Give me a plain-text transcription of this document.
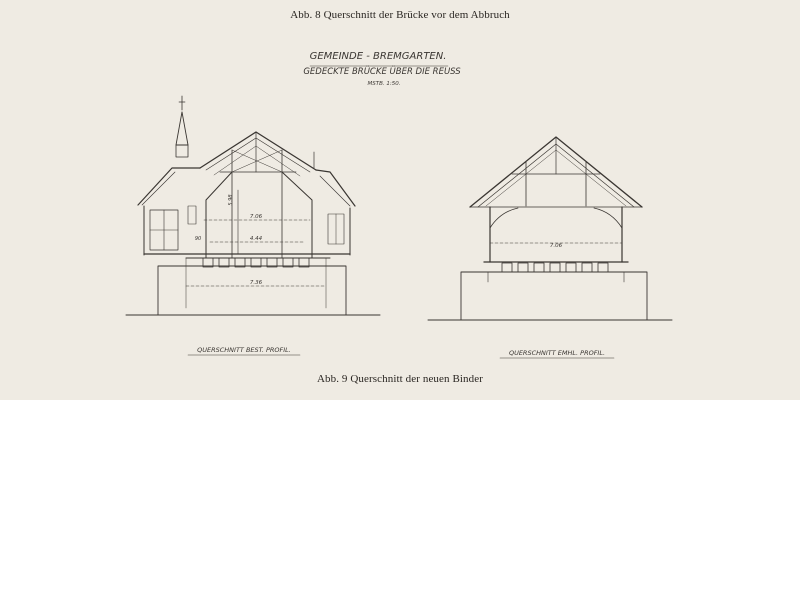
Abb. 8 Querschnitt der Brücke vor dem Abbruch
GEMEINDE - BREMGARTEN.
GEDECKTE BRÜCKE ÜBER DIE REUSS
MSTB. 1:50.
7.06
4.44
5.98
7.36
90
QUERSCHNITT BEST. PROFIL.
7.06
QUERSCHNITT EMHL. PROFIL.
Abb. 9 Querschnitt der neuen Binder
